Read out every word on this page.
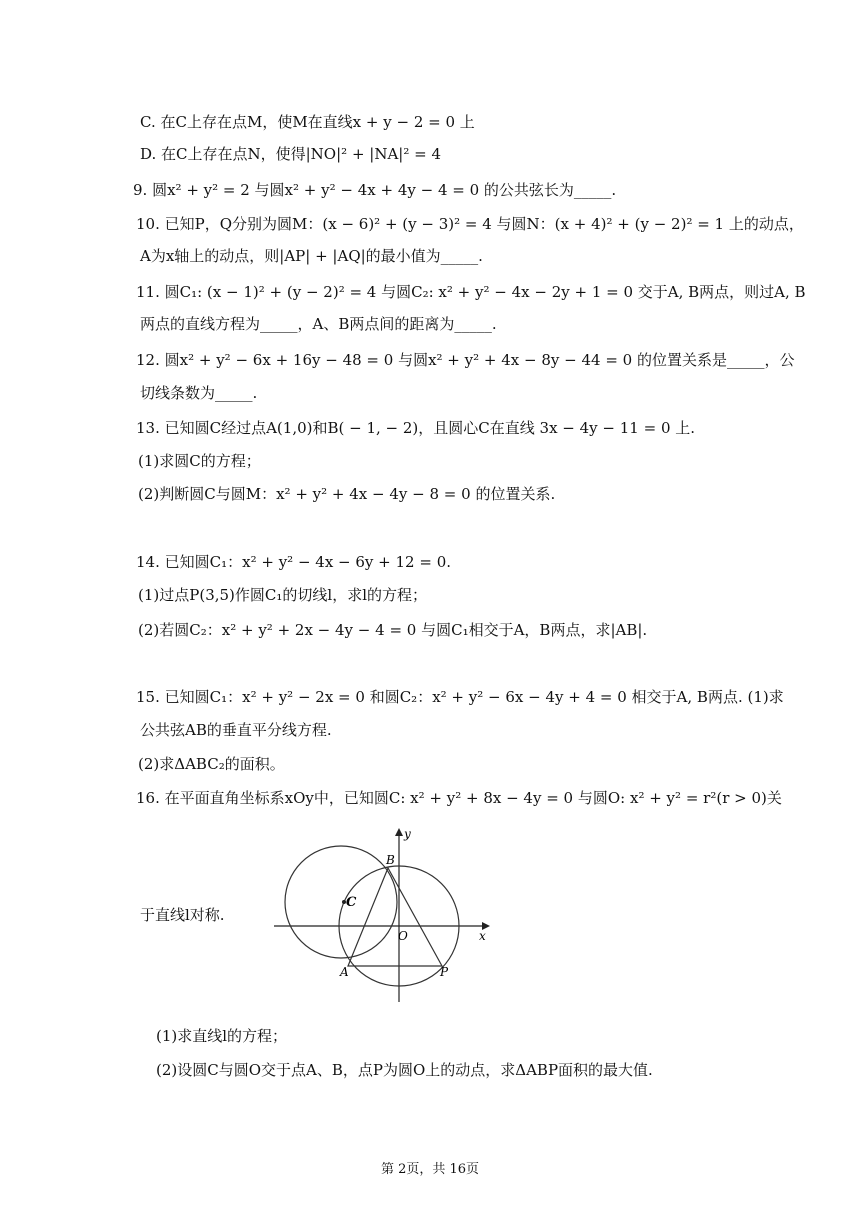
C. 在C上存在点M，使M在直线x + y − 2 = 0 上
D. 在C上存在点N，使得|NO|² + |NA|² = 4
9. 圆x² + y² = 2 与圆x² + y² − 4x + 4y − 4 = 0 的公共弦长为_____.
10. 已知P，Q分别为圆M：(x − 6)² + (y − 3)² = 4 与圆N：(x + 4)² + (y − 2)² = 1 上的动点，
A为x轴上的动点，则|AP| + |AQ|的最小值为_____.
11. 圆C₁: (x − 1)² + (y − 2)² = 4 与圆C₂: x² + y² − 4x − 2y + 1 = 0 交于A, B两点，则过A, B
两点的直线方程为_____，A、B两点间的距离为_____.
12. 圆x² + y² − 6x + 16y − 48 = 0 与圆x² + y² + 4x − 8y − 44 = 0 的位置关系是_____，公
切线条数为_____.
13. 已知圆C经过点A(1,0)和B( − 1, − 2)，且圆心C在直线 3x − 4y − 11 = 0 上.
(1)求圆C的方程；
(2)判断圆C与圆M：x² + y² + 4x − 4y − 8 = 0 的位置关系.
14. 已知圆C₁：x² + y² − 4x − 6y + 12 = 0.
(1)过点P(3,5)作圆C₁的切线l，求l的方程；
(2)若圆C₂：x² + y² + 2x − 4y − 4 = 0 与圆C₁相交于A，B两点，求|AB|.
15. 已知圆C₁：x² + y² − 2x = 0 和圆C₂：x² + y² − 6x − 4y + 4 = 0 相交于A, B两点. (1)求
公共弦AB的垂直平分线方程.
(2)求ΔABC₂的面积。
16. 在平面直角坐标系xOy中，已知圆C: x² + y² + 8x − 4y = 0 与圆O: x² + y² = r²(r > 0)关
于直线l对称.
(1)求直线l的方程；
(2)设圆C与圆O交于点A、B，点P为圆O上的动点，求ΔABP面积的最大值.
y
x
B
C
O
A	P
第 2页，共 16页
